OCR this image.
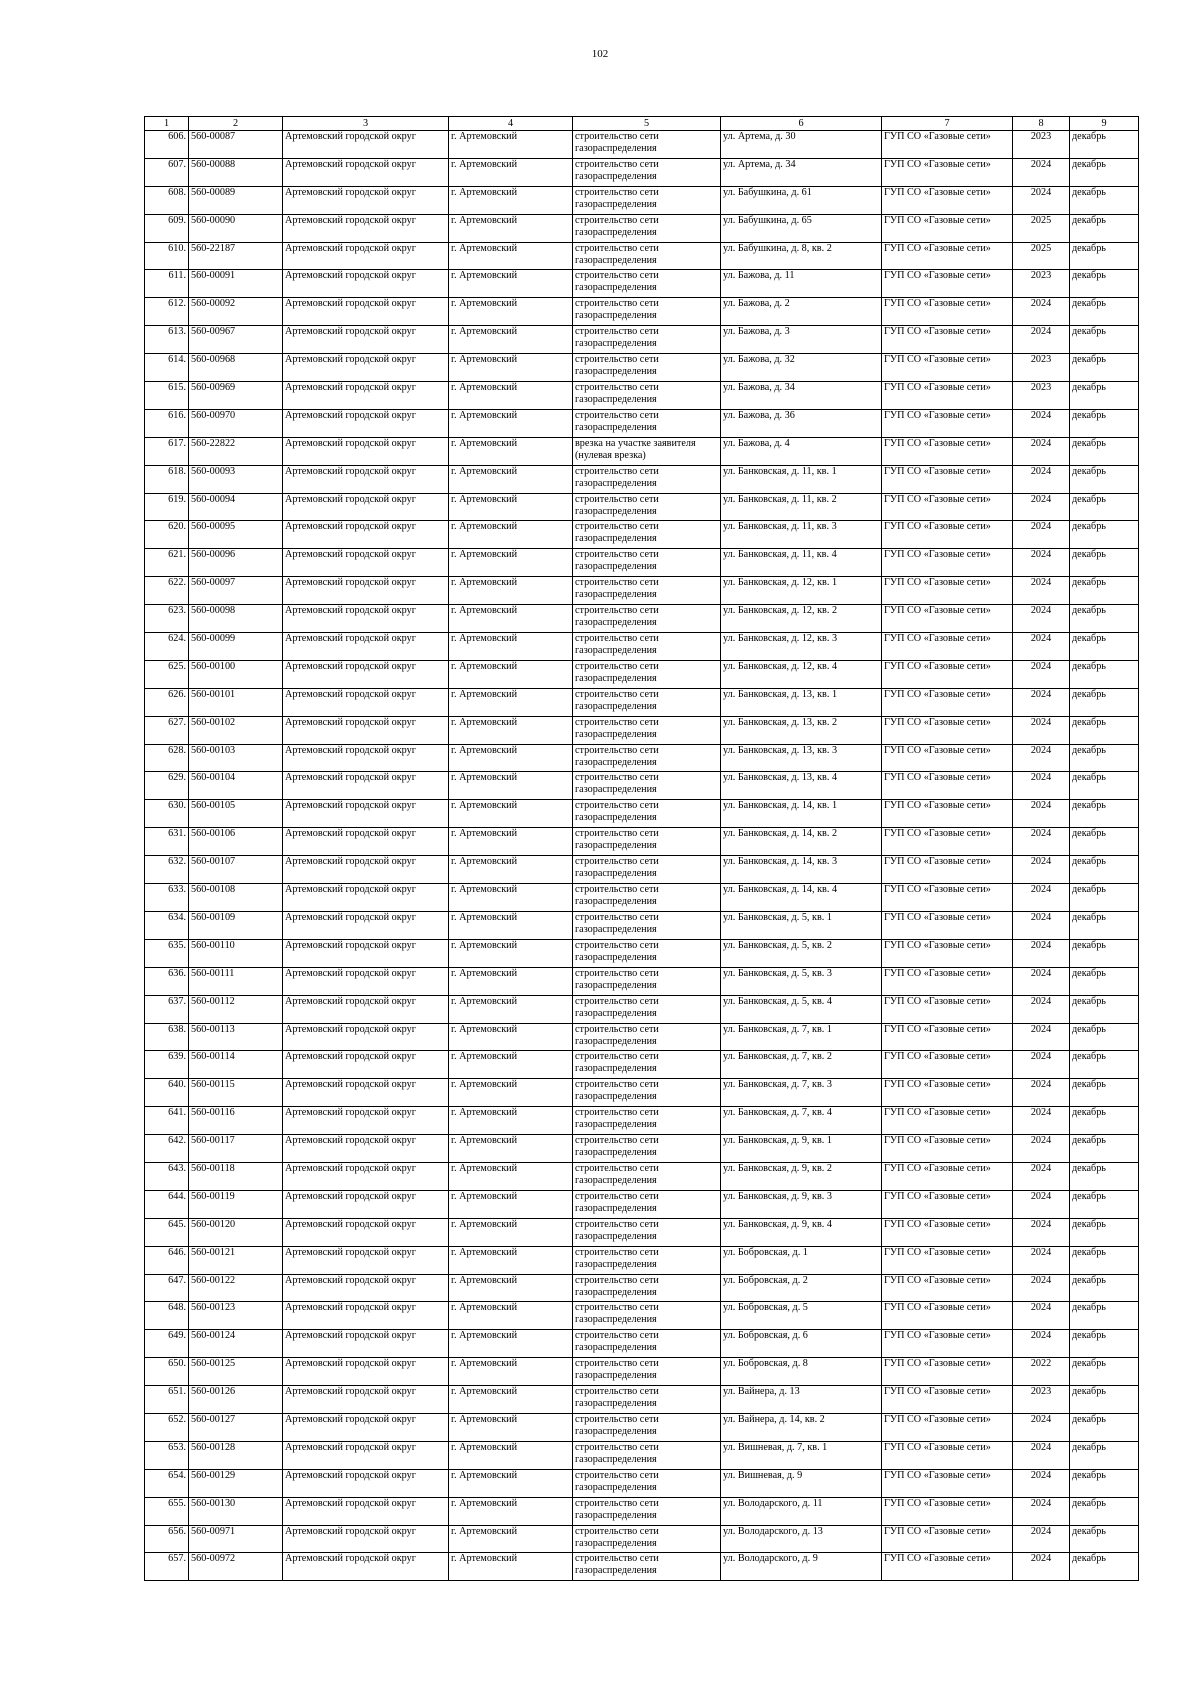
102
1	2	3	4	5	6	7	8	9
606.	560-00087	Артемовский городской округ	г. Артемовский	строительство сети газораспределения	ул. Артема, д. 30	ГУП СО «Газовые сети»	2023	декабрь
607.	560-00088	Артемовский городской округ	г. Артемовский	строительство сети газораспределения	ул. Артема, д. 34	ГУП СО «Газовые сети»	2024	декабрь
608.	560-00089	Артемовский городской округ	г. Артемовский	строительство сети газораспределения	ул. Бабушкина, д. 61	ГУП СО «Газовые сети»	2024	декабрь
609.	560-00090	Артемовский городской округ	г. Артемовский	строительство сети газораспределения	ул. Бабушкина, д. 65	ГУП СО «Газовые сети»	2025	декабрь
610.	560-22187	Артемовский городской округ	г. Артемовский	строительство сети газораспределения	ул. Бабушкина, д. 8, кв. 2	ГУП СО «Газовые сети»	2025	декабрь
611.	560-00091	Артемовский городской округ	г. Артемовский	строительство сети газораспределения	ул. Бажова, д. 11	ГУП СО «Газовые сети»	2023	декабрь
612.	560-00092	Артемовский городской округ	г. Артемовский	строительство сети газораспределения	ул. Бажова, д. 2	ГУП СО «Газовые сети»	2024	декабрь
613.	560-00967	Артемовский городской округ	г. Артемовский	строительство сети газораспределения	ул. Бажова, д. 3	ГУП СО «Газовые сети»	2024	декабрь
614.	560-00968	Артемовский городской округ	г. Артемовский	строительство сети газораспределения	ул. Бажова, д. 32	ГУП СО «Газовые сети»	2023	декабрь
615.	560-00969	Артемовский городской округ	г. Артемовский	строительство сети газораспределения	ул. Бажова, д. 34	ГУП СО «Газовые сети»	2023	декабрь
616.	560-00970	Артемовский городской округ	г. Артемовский	строительство сети газораспределения	ул. Бажова, д. 36	ГУП СО «Газовые сети»	2024	декабрь
617.	560-22822	Артемовский городской округ	г. Артемовский	врезка на участке заявителя (нулевая врезка)	ул. Бажова, д. 4	ГУП СО «Газовые сети»	2024	декабрь
618.	560-00093	Артемовский городской округ	г. Артемовский	строительство сети газораспределения	ул. Банковская, д. 11, кв. 1	ГУП СО «Газовые сети»	2024	декабрь
619.	560-00094	Артемовский городской округ	г. Артемовский	строительство сети газораспределения	ул. Банковская, д. 11, кв. 2	ГУП СО «Газовые сети»	2024	декабрь
620.	560-00095	Артемовский городской округ	г. Артемовский	строительство сети газораспределения	ул. Банковская, д. 11, кв. 3	ГУП СО «Газовые сети»	2024	декабрь
621.	560-00096	Артемовский городской округ	г. Артемовский	строительство сети газораспределения	ул. Банковская, д. 11, кв. 4	ГУП СО «Газовые сети»	2024	декабрь
622.	560-00097	Артемовский городской округ	г. Артемовский	строительство сети газораспределения	ул. Банковская, д. 12, кв. 1	ГУП СО «Газовые сети»	2024	декабрь
623.	560-00098	Артемовский городской округ	г. Артемовский	строительство сети газораспределения	ул. Банковская, д. 12, кв. 2	ГУП СО «Газовые сети»	2024	декабрь
624.	560-00099	Артемовский городской округ	г. Артемовский	строительство сети газораспределения	ул. Банковская, д. 12, кв. 3	ГУП СО «Газовые сети»	2024	декабрь
625.	560-00100	Артемовский городской округ	г. Артемовский	строительство сети газораспределения	ул. Банковская, д. 12, кв. 4	ГУП СО «Газовые сети»	2024	декабрь
626.	560-00101	Артемовский городской округ	г. Артемовский	строительство сети газораспределения	ул. Банковская, д. 13, кв. 1	ГУП СО «Газовые сети»	2024	декабрь
627.	560-00102	Артемовский городской округ	г. Артемовский	строительство сети газораспределения	ул. Банковская, д. 13, кв. 2	ГУП СО «Газовые сети»	2024	декабрь
628.	560-00103	Артемовский городской округ	г. Артемовский	строительство сети газораспределения	ул. Банковская, д. 13, кв. 3	ГУП СО «Газовые сети»	2024	декабрь
629.	560-00104	Артемовский городской округ	г. Артемовский	строительство сети газораспределения	ул. Банковская, д. 13, кв. 4	ГУП СО «Газовые сети»	2024	декабрь
630.	560-00105	Артемовский городской округ	г. Артемовский	строительство сети газораспределения	ул. Банковская, д. 14, кв. 1	ГУП СО «Газовые сети»	2024	декабрь
631.	560-00106	Артемовский городской округ	г. Артемовский	строительство сети газораспределения	ул. Банковская, д. 14, кв. 2	ГУП СО «Газовые сети»	2024	декабрь
632.	560-00107	Артемовский городской округ	г. Артемовский	строительство сети газораспределения	ул. Банковская, д. 14, кв. 3	ГУП СО «Газовые сети»	2024	декабрь
633.	560-00108	Артемовский городской округ	г. Артемовский	строительство сети газораспределения	ул. Банковская, д. 14, кв. 4	ГУП СО «Газовые сети»	2024	декабрь
634.	560-00109	Артемовский городской округ	г. Артемовский	строительство сети газораспределения	ул. Банковская, д. 5, кв. 1	ГУП СО «Газовые сети»	2024	декабрь
635.	560-00110	Артемовский городской округ	г. Артемовский	строительство сети газораспределения	ул. Банковская, д. 5, кв. 2	ГУП СО «Газовые сети»	2024	декабрь
636.	560-00111	Артемовский городской округ	г. Артемовский	строительство сети газораспределения	ул. Банковская, д. 5, кв. 3	ГУП СО «Газовые сети»	2024	декабрь
637.	560-00112	Артемовский городской округ	г. Артемовский	строительство сети газораспределения	ул. Банковская, д. 5, кв. 4	ГУП СО «Газовые сети»	2024	декабрь
638.	560-00113	Артемовский городской округ	г. Артемовский	строительство сети газораспределения	ул. Банковская, д. 7, кв. 1	ГУП СО «Газовые сети»	2024	декабрь
639.	560-00114	Артемовский городской округ	г. Артемовский	строительство сети газораспределения	ул. Банковская, д. 7, кв. 2	ГУП СО «Газовые сети»	2024	декабрь
640.	560-00115	Артемовский городской округ	г. Артемовский	строительство сети газораспределения	ул. Банковская, д. 7, кв. 3	ГУП СО «Газовые сети»	2024	декабрь
641.	560-00116	Артемовский городской округ	г. Артемовский	строительство сети газораспределения	ул. Банковская, д. 7, кв. 4	ГУП СО «Газовые сети»	2024	декабрь
642.	560-00117	Артемовский городской округ	г. Артемовский	строительство сети газораспределения	ул. Банковская, д. 9, кв. 1	ГУП СО «Газовые сети»	2024	декабрь
643.	560-00118	Артемовский городской округ	г. Артемовский	строительство сети газораспределения	ул. Банковская, д. 9, кв. 2	ГУП СО «Газовые сети»	2024	декабрь
644.	560-00119	Артемовский городской округ	г. Артемовский	строительство сети газораспределения	ул. Банковская, д. 9, кв. 3	ГУП СО «Газовые сети»	2024	декабрь
645.	560-00120	Артемовский городской округ	г. Артемовский	строительство сети газораспределения	ул. Банковская, д. 9, кв. 4	ГУП СО «Газовые сети»	2024	декабрь
646.	560-00121	Артемовский городской округ	г. Артемовский	строительство сети газораспределения	ул. Бобровская, д. 1	ГУП СО «Газовые сети»	2024	декабрь
647.	560-00122	Артемовский городской округ	г. Артемовский	строительство сети газораспределения	ул. Бобровская, д. 2	ГУП СО «Газовые сети»	2024	декабрь
648.	560-00123	Артемовский городской округ	г. Артемовский	строительство сети газораспределения	ул. Бобровская, д. 5	ГУП СО «Газовые сети»	2024	декабрь
649.	560-00124	Артемовский городской округ	г. Артемовский	строительство сети газораспределения	ул. Бобровская, д. 6	ГУП СО «Газовые сети»	2024	декабрь
650.	560-00125	Артемовский городской округ	г. Артемовский	строительство сети газораспределения	ул. Бобровская, д. 8	ГУП СО «Газовые сети»	2022	декабрь
651.	560-00126	Артемовский городской округ	г. Артемовский	строительство сети газораспределения	ул. Вайнера, д. 13	ГУП СО «Газовые сети»	2023	декабрь
652.	560-00127	Артемовский городской округ	г. Артемовский	строительство сети газораспределения	ул. Вайнера, д. 14, кв. 2	ГУП СО «Газовые сети»	2024	декабрь
653.	560-00128	Артемовский городской округ	г. Артемовский	строительство сети газораспределения	ул. Вишневая, д. 7, кв. 1	ГУП СО «Газовые сети»	2024	декабрь
654.	560-00129	Артемовский городской округ	г. Артемовский	строительство сети газораспределения	ул. Вишневая, д. 9	ГУП СО «Газовые сети»	2024	декабрь
655.	560-00130	Артемовский городской округ	г. Артемовский	строительство сети газораспределения	ул. Володарского, д. 11	ГУП СО «Газовые сети»	2024	декабрь
656.	560-00971	Артемовский городской округ	г. Артемовский	строительство сети газораспределения	ул. Володарского, д. 13	ГУП СО «Газовые сети»	2024	декабрь
657.	560-00972	Артемовский городской округ	г. Артемовский	строительство сети газораспределения	ул. Володарского, д. 9	ГУП СО «Газовые сети»	2024	декабрь
